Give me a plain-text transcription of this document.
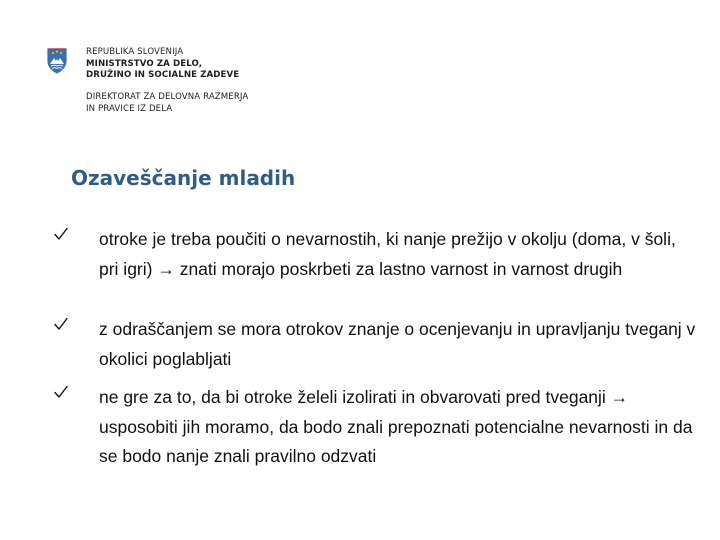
REPUBLIKA SLOVENIJA
MINISTRSTVO ZA DELO,
DRUŽINO IN SOCIALNE ZADEVE
DIREKTORAT ZA DELOVNA RAZMERJA
IN PRAVICE IZ DELA
Ozaveščanje mladih

otroke je treba poučiti o nevarnostih, ki nanje prežijo v okolju (doma, v šoli, pri igri) → znati morajo poskrbeti za lastno varnost in varnost drugih

z odraščanjem se mora otrokov znanje o ocenjevanju in upravljanju tveganj v okolici poglabljati

ne gre za to, da bi otroke želeli izolirati in obvarovati pred tveganji → usposobiti jih moramo, da bodo znali prepoznati potencialne nevarnosti in da se bodo nanje znali pravilno odzvati
